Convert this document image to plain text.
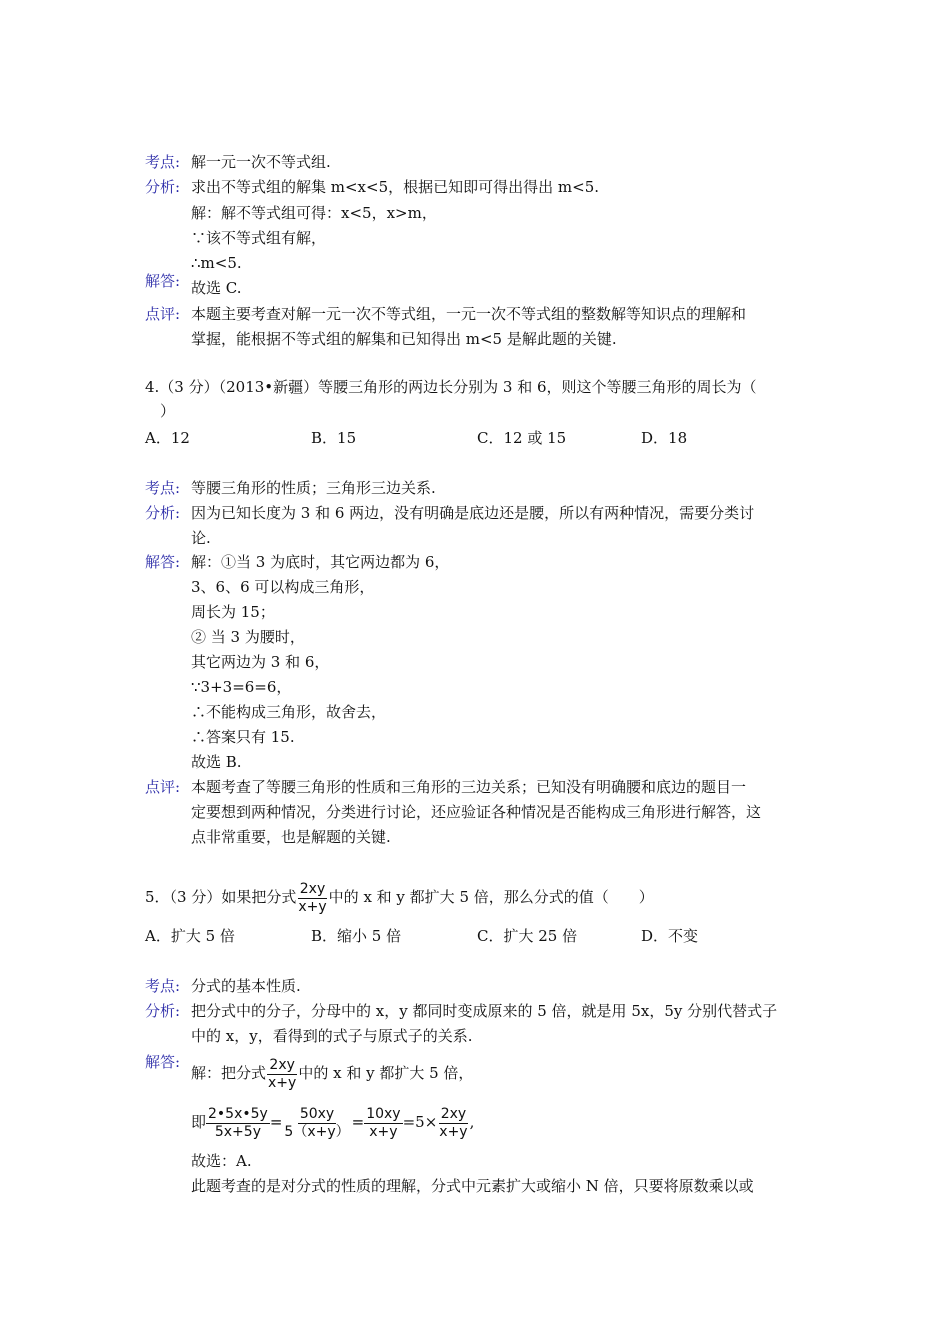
考点: 解一元一次不等式组.
分析: 求出不等式组的解集 m<x<5，根据已知即可得出得出 m<5.
解：解不等式组可得：x<5，x>m，
∵该不等式组有解，
∴m<5.
解答: 故选 C.
点评: 本题主要考查对解一元一次不等式组，一元一次不等式组的整数解等知识点的理解和
掌握，能根据不等式组的解集和已知得出 m<5 是解此题的关键.
4.（3 分）（2013•新疆）等腰三角形的两边长分别为 3 和 6，则这个等腰三角形的周长为（
）
A．12	B．15	C．12 或 15	D．18
考点: 等腰三角形的性质；三角形三边关系.
分析: 因为已知长度为 3 和 6 两边，没有明确是底边还是腰，所以有两种情况，需要分类讨
论.
解答: 解：①当 3 为底时，其它两边都为 6，
3、6、6 可以构成三角形，
周长为 15；
② 当 3 为腰时，
其它两边为 3 和 6，
∵3+3=6=6，
∴不能构成三角形，故舍去，
∴答案只有 15.
故选 B.
点评: 本题考查了等腰三角形的性质和三角形的三边关系；已知没有明确腰和底边的题目一
定要想到两种情况，分类进行讨论，还应验证各种情况是否能构成三角形进行解答，这
点非常重要，也是解题的关键.
5．（3 分）如果把分式 $\frac{2xy}{x+y}$ 中的 x 和 y 都扩大 5 倍，那么分式的值（　　）
A．扩大 5 倍	B．缩小 5 倍	C．扩大 25 倍	D．不变
考点: 分式的基本性质.
分析: 把分式中的分子，分母中的 x，y 都同时变成原来的 5 倍，就是用 5x，5y 分别代替式子
中的 x，y，看得到的式子与原式子的关系.
解答:
解：把分式 $\frac{2xy}{x+y}$ 中的 x 和 y 都扩大 5 倍，
即 $\frac{2•5x•5y}{5x+5y} = \frac{50xy}{5(x+y)} = \frac{10xy}{x+y} =5\times \frac{2xy}{x+y}$ ,
故选：A.
此题考查的是对分式的性质的理解，分式中元素扩大或缩小 N 倍，只要将原数乘以或
